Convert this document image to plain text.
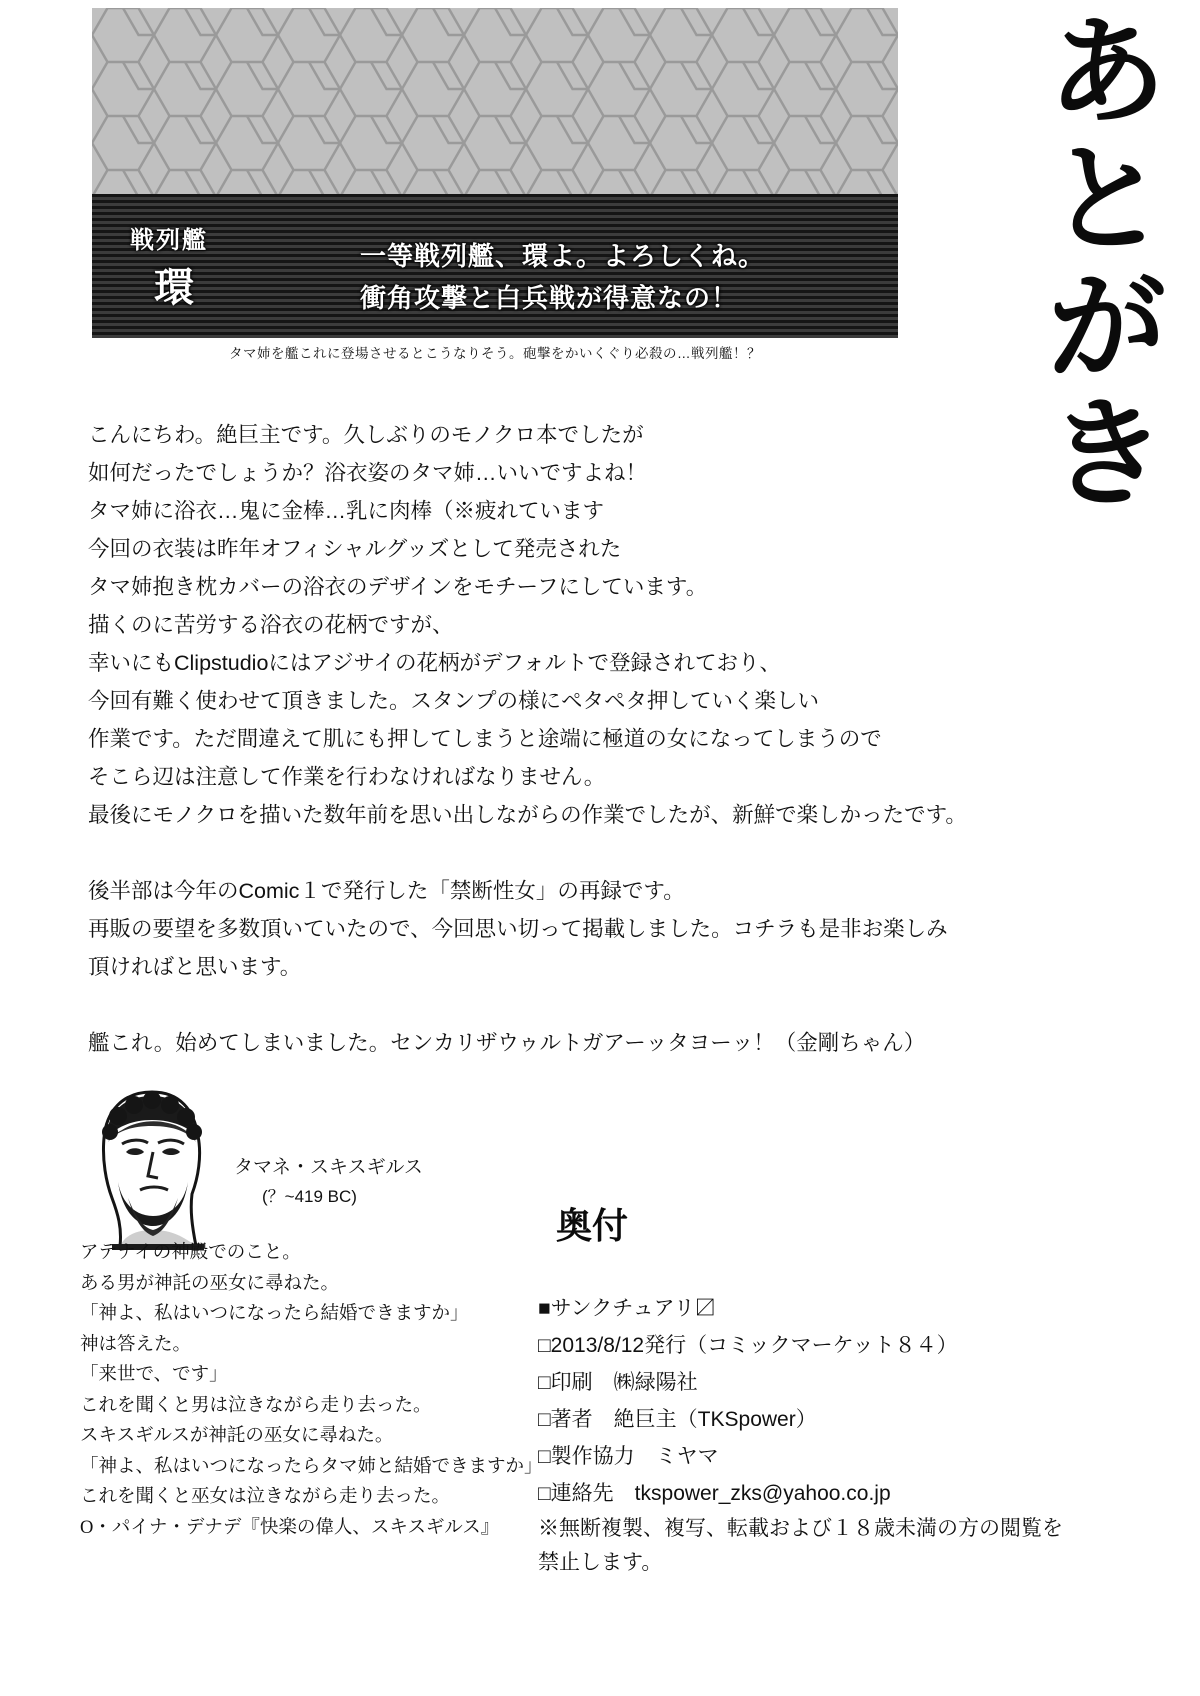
戦列艦
環
一等戦列艦、環よ。よろしくね。
衝角攻撃と白兵戦が得意なの！
タマ姉を艦これに登場させるとこうなりそう。砲撃をかいくぐり必殺の…戦列艦！？
あ
と
が
き

こんにちわ。絶巨主です。久しぶりのモノクロ本でしたが

如何だったでしょうか？浴衣姿のタマ姉…いいですよね！

タマ姉に浴衣…鬼に金棒…乳に肉棒（※疲れています

今回の衣装は昨年オフィシャルグッズとして発売された

タマ姉抱き枕カバーの浴衣のデザインをモチーフにしています。

描くのに苦労する浴衣の花柄ですが、

幸いにもClipstudioにはアジサイの花柄がデフォルトで登録されており、

今回有難く使わせて頂きました。スタンプの様にペタペタ押していく楽しい

作業です。ただ間違えて肌にも押してしまうと途端に極道の女になってしまうので

そこら辺は注意して作業を行わなければなりません。

最後にモノクロを描いた数年前を思い出しながらの作業でしたが、新鮮で楽しかったです。

後半部は今年のComic１で発行した「禁断性女」の再録です。

再販の要望を多数頂いていたので、今回思い切って掲載しました。コチラも是非お楽しみ

頂ければと思います。

艦これ。始めてしまいました。センカリザウゥルトガアーッタヨーッ！（金剛ちゃん）

タマネ・スキスギルス
(？~419 BC)

アテナイの神殿でのこと。

ある男が神託の巫女に尋ねた。

「神よ、私はいつになったら結婚できますか」

神は答えた。

「来世で、です」

これを聞くと男は泣きながら走り去った。

スキスギルスが神託の巫女に尋ねた。

「神よ、私はいつになったらタマ姉と結婚できますか」

これを聞くと巫女は泣きながら走り去った。

O・パイナ・デナデ『快楽の偉人、スキスギルス』

奥付

■サンクチュアリ〼

□2013/8/12発行（コミックマーケット８４）

□印刷　㈱緑陽社

□著者　絶巨主（TKSpower）

□製作協力　ミヤマ

□連絡先　tkspower_zks@yahoo.co.jp

※無断複製、複写、転載および１８歳未満の方の閲覧を

禁止します。
